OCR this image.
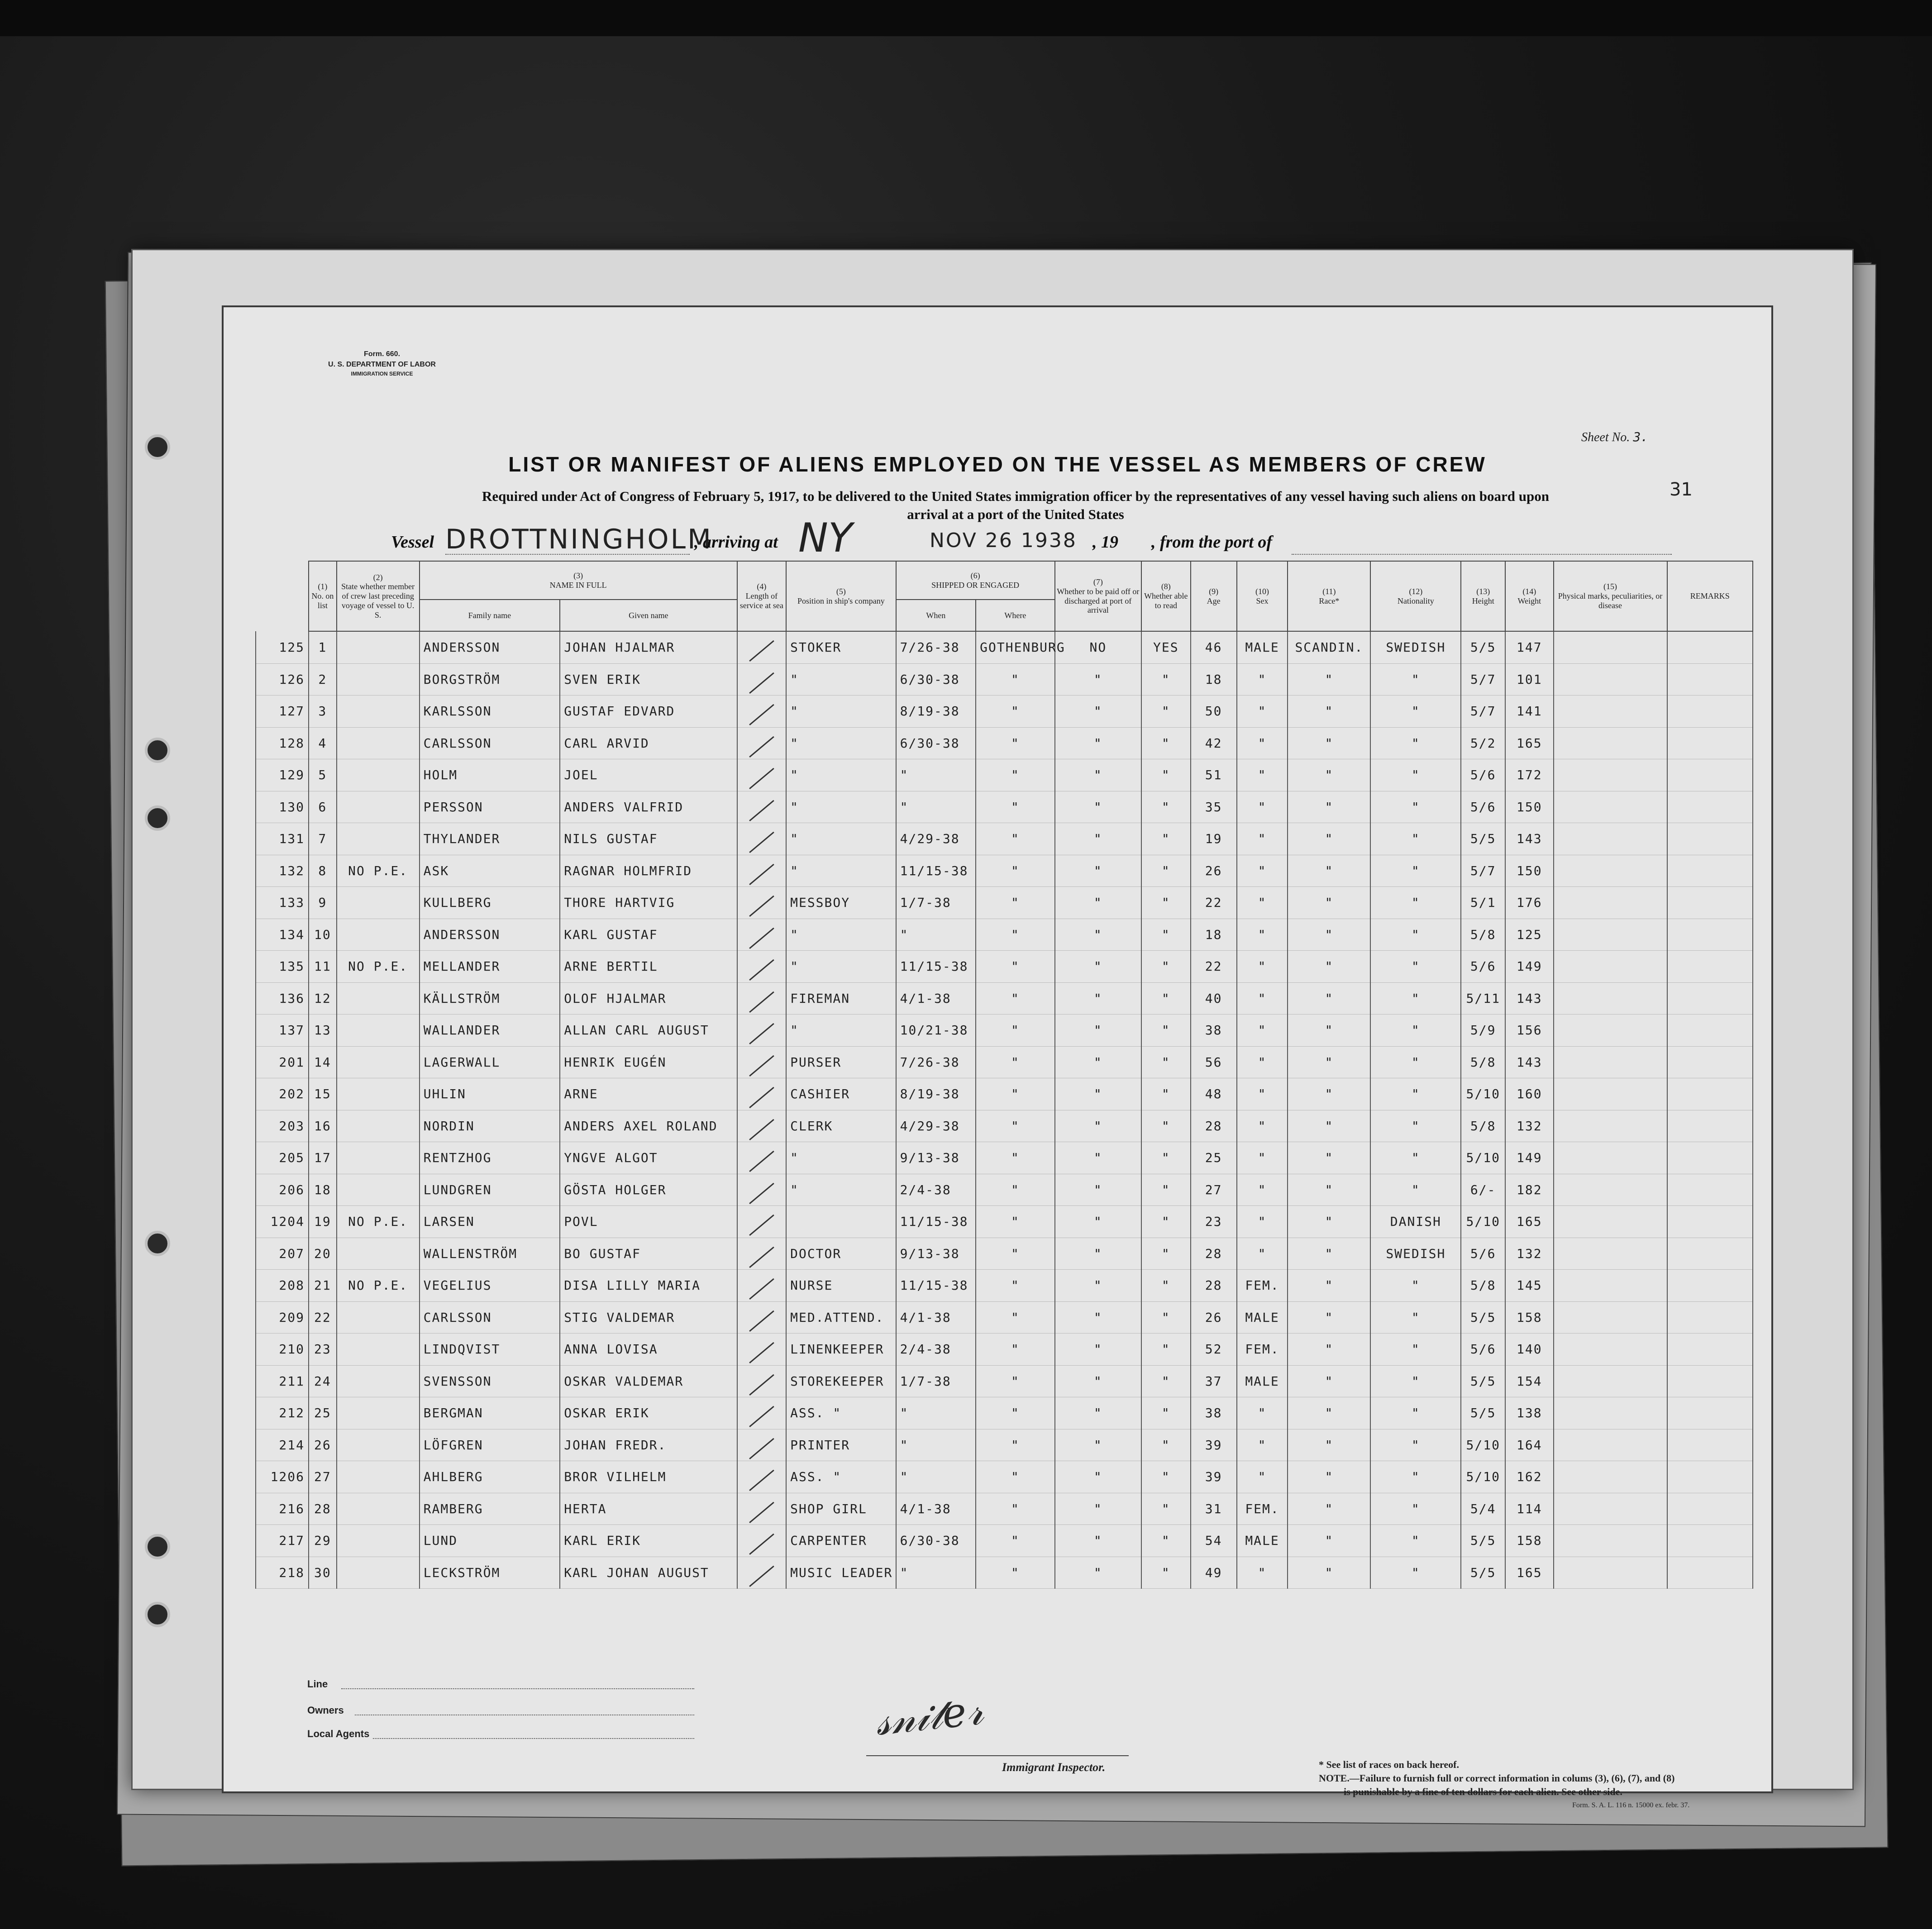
Form. 660.
U. S. DEPARTMENT OF LABOR
IMMIGRATION SERVICE
Sheet No. 3.
LIST OR MANIFEST OF ALIENS EMPLOYED ON THE VESSEL AS MEMBERS OF CREW
Required under Act of Congress of February 5, 1917, to be delivered to the United States immigration officer by the representatives of any vessel having such aliens on board upon
arrival at a port of the United States
31
Vessel DROTTNINGHOLM
, arriving at NY	NOV 26 1938 , 19 , from the port of
	(1)
No. on list	(2)
State whether member of crew last preceding voyage of vessel to U. S.	(3)
NAME IN FULL		(4)
Length of service at sea	(5)
Position in ship's company	(6)
SHIPPED OR ENGAGED		(7)
Whether to be paid off or discharged at port of arrival	(8)
Whether able to read	(9)
Age	(10)
Sex	(11)
Race*	(12)
Nationality	(13)
Height	(14)
Weight	(15)
Physical marks, peculiarities, or disease	REMARKS
			Family name	Given name			When	Where										
125	1		ANDERSSON	JOHAN HJALMAR		STOKER	7/26-38	GOTHENBURG	NO	YES	46	MALE	SCANDIN.	SWEDISH	5/5	147		
126	2		BORGSTRÖM	SVEN ERIK		"	6/30-38	"	"	"	18	"	"	"	5/7	101		
127	3		KARLSSON	GUSTAF EDVARD		"	8/19-38	"	"	"	50	"	"	"	5/7	141		
128	4		CARLSSON	CARL ARVID		"	6/30-38	"	"	"	42	"	"	"	5/2	165		
129	5		HOLM	JOEL		"	"	"	"	"	51	"	"	"	5/6	172		
130	6		PERSSON	ANDERS VALFRID		"	"	"	"	"	35	"	"	"	5/6	150		
131	7		THYLANDER	NILS GUSTAF		"	4/29-38	"	"	"	19	"	"	"	5/5	143		
132	8	NO P.E.	ASK	RAGNAR HOLMFRID		"	11/15-38	"	"	"	26	"	"	"	5/7	150		
133	9		KULLBERG	THORE HARTVIG		MESSBOY	1/7-38	"	"	"	22	"	"	"	5/1	176		
134	10		ANDERSSON	KARL GUSTAF		"	"	"	"	"	18	"	"	"	5/8	125		
135	11	NO P.E.	MELLANDER	ARNE BERTIL		"	11/15-38	"	"	"	22	"	"	"	5/6	149		
136	12		KÄLLSTRÖM	OLOF HJALMAR		FIREMAN	4/1-38	"	"	"	40	"	"	"	5/11	143		
137	13		WALLANDER	ALLAN CARL AUGUST		"	10/21-38	"	"	"	38	"	"	"	5/9	156		
201	14		LAGERWALL	HENRIK EUGÉN		PURSER	7/26-38	"	"	"	56	"	"	"	5/8	143		
202	15		UHLIN	ARNE		CASHIER	8/19-38	"	"	"	48	"	"	"	5/10	160		
203	16		NORDIN	ANDERS AXEL ROLAND		CLERK	4/29-38	"	"	"	28	"	"	"	5/8	132		
205	17		RENTZHOG	YNGVE ALGOT		"	9/13-38	"	"	"	25	"	"	"	5/10	149		
206	18		LUNDGREN	GÖSTA HOLGER		"	2/4-38	"	"	"	27	"	"	"	6/-	182		
1204	19	NO P.E.	LARSEN	POVL			11/15-38	"	"	"	23	"	"	DANISH	5/10	165		
207	20		WALLENSTRÖM	BO GUSTAF		DOCTOR	9/13-38	"	"	"	28	"	"	SWEDISH	5/6	132		
208	21	NO P.E.	VEGELIUS	DISA LILLY MARIA		NURSE	11/15-38	"	"	"	28	FEM.	"	"	5/8	145		
209	22		CARLSSON	STIG VALDEMAR		MED.ATTEND.	4/1-38	"	"	"	26	MALE	"	"	5/5	158		
210	23		LINDQVIST	ANNA LOVISA		LINENKEEPER	2/4-38	"	"	"	52	FEM.	"	"	5/6	140		
211	24		SVENSSON	OSKAR VALDEMAR		STOREKEEPER	1/7-38	"	"	"	37	MALE	"	"	5/5	154		
212	25		BERGMAN	OSKAR ERIK		ASS. "	"	"	"	"	38	"	"	"	5/5	138		
214	26		LÖFGREN	JOHAN FREDR.		PRINTER	"	"	"	"	39	"	"	"	5/10	164		
1206	27		AHLBERG	BROR VILHELM		ASS. "	"	"	"	"	39	"	"	"	5/10	162		
216	28		RAMBERG	HERTA		SHOP GIRL	4/1-38	"	"	"	31	FEM.	"	"	5/4	114		
217	29		LUND	KARL ERIK		CARPENTER	6/30-38	"	"	"	54	MALE	"	"	5/5	158		
218	30		LECKSTRÖM	KARL JOHAN AUGUST		MUSIC LEADER	"	"	"	"	49	"	"	"	5/5	165		
Line
Owners
Local Agents	𝓈𝓃𝒾𝓉𝑒𝓇
Immigrant Inspector.	* See list of races on back hereof.
NOTE.—Failure to furnish full or correct information in colums (3), (6), (7), and (8)
is punishable by a fine of ten dollars for each alien. See other side.
Form. S. A. L. 116 n. 15000 ex. febr. 37.
